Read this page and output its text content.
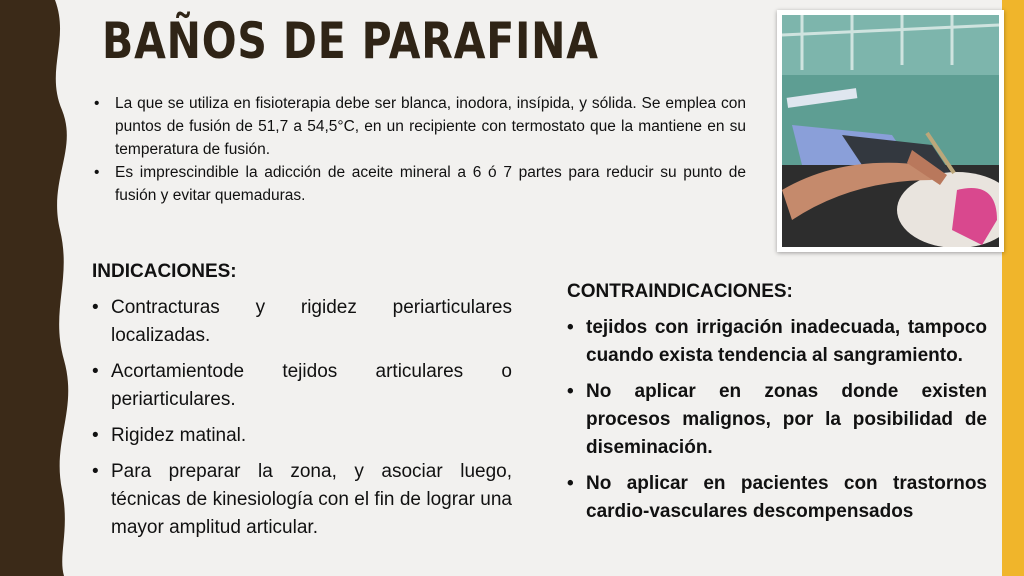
BAÑOS DE PARAFINA
• La que se utiliza en fisioterapia debe ser blanca, inodora, insípida, y sólida. Se emplea con puntos de fusión de 51,7 a 54,5°C, en un recipiente con termostato que la mantiene en su temperatura de fusión.
• Es imprescindible la adicción de aceite mineral a 6 ó 7 partes para reducir su punto de fusión y evitar quemaduras.
INDICACIONES:
• Contracturas y rigidez periarticulares localizadas.
• Acortamientode tejidos articulares o periarticulares.
• Rigidez matinal.
• Para preparar la zona, y asociar luego, técnicas de kinesiología con el fin de lograr una mayor amplitud articular.
CONTRAINDICACIONES:
• tejidos con irrigación inadecuada, tampoco cuando exista tendencia al sangramiento.
• No aplicar en zonas donde existen procesos malignos, por la posibilidad de diseminación.
• No aplicar en pacientes con trastornos cardio-vasculares descompensados
